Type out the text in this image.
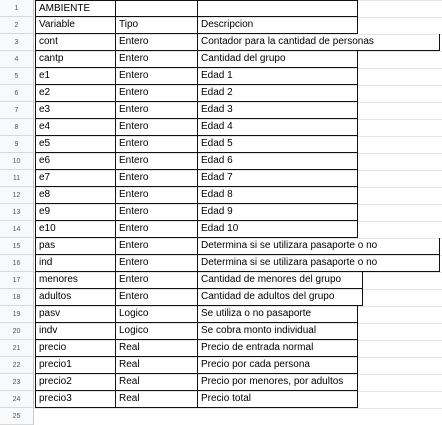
1	AMBIENTE
2	Variable	Tipo	Descripcion
3	cont	Entero	Contador para la cantidad de personas
4	cantp	Entero	Cantidad del grupo
5	e1	Entero	Edad 1
6	e2	Entero	Edad 2
7	e3	Entero	Edad 3
8	e4	Entero	Edad 4
9	e5	Entero	Edad 5
10	e6	Entero	Edad 6
11	e7	Entero	Edad 7
12	e8	Entero	Edad 8
13	e9	Entero	Edad 9
14	e10	Entero	Edad 10
15	pas	Entero	Determina si se utilizara pasaporte o no
16	ind	Entero	Determina si se utilizara pasaporte o no
17	menores	Entero	Cantidad de menores del grupo
18	adultos	Entero	Cantidad de adultos del grupo
19	pasv	Logico	Se utiliza o no pasaporte
20	indv	Logico	Se cobra monto individual
21	precio	Real	Precio de entrada normal
22	precio1	Real	Precio por cada persona
23	precio2	Real	Precio por menores, por adultos
24	precio3	Real	Precio total
25
